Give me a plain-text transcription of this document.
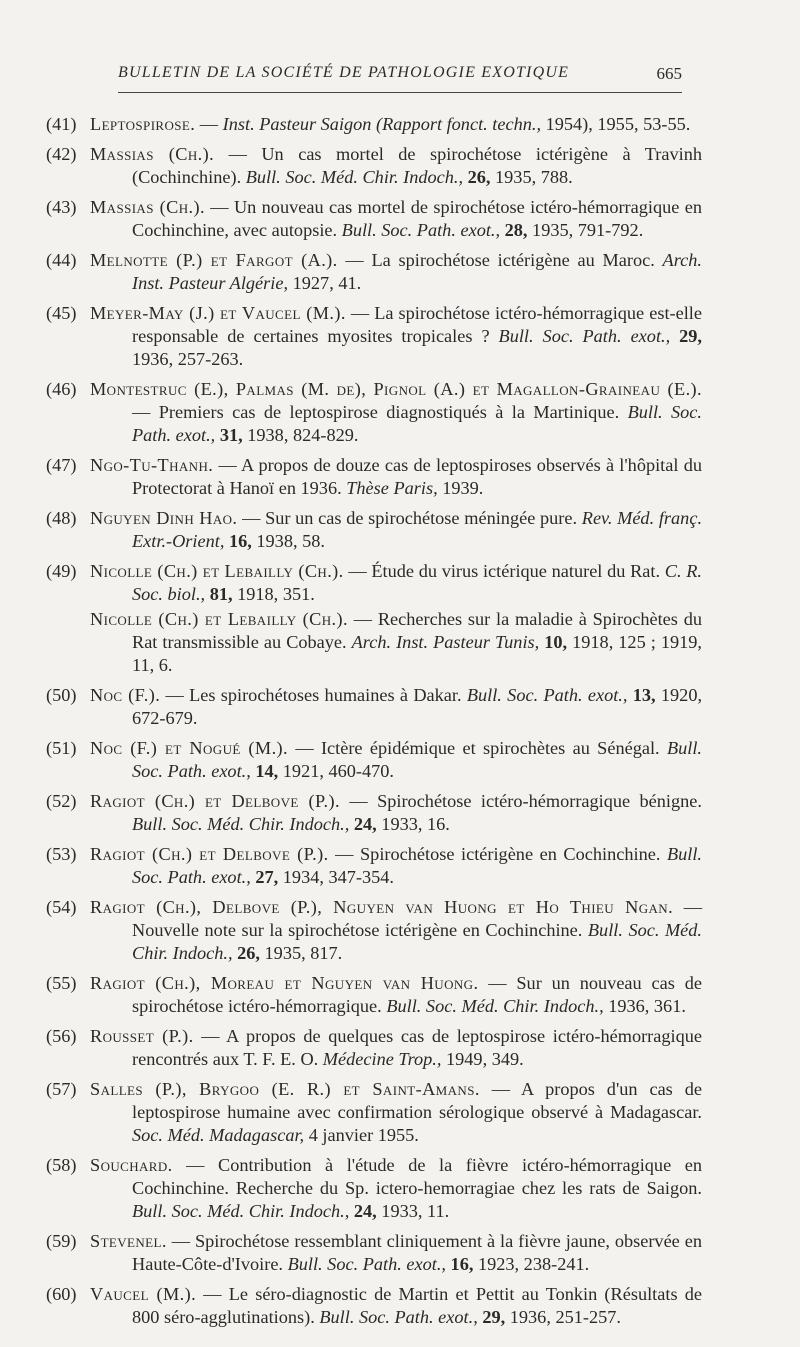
BULLETIN DE LA SOCIÉTÉ DE PATHOLOGIE EXOTIQUE	665
(41) Leptospirose. — Inst. Pasteur Saigon (Rapport fonct. techn., 1954), 1955, 53-55.
(42) Massias (Ch.). — Un cas mortel de spirochétose ictérigène à Travinh (Cochinchine). Bull. Soc. Méd. Chir. Indoch., 26, 1935, 788.
(43) Massias (Ch.). — Un nouveau cas mortel de spirochétose ictéro-hémorragique en Cochinchine, avec autopsie. Bull. Soc. Path. exot., 28, 1935, 791-792.
(44) Melnotte (P.) et Fargot (A.). — La spirochétose ictérigène au Maroc. Arch. Inst. Pasteur Algérie, 1927, 41.
(45) Meyer-May (J.) et Vaucel (M.). — La spirochétose ictéro-hémorragique est-elle responsable de certaines myosites tropicales ? Bull. Soc. Path. exot., 29, 1936, 257-263.
(46) Montestruc (E.), Palmas (M. de), Pignol (A.) et Magallon-Graineau (E.). — Premiers cas de leptospirose diagnostiqués à la Martinique. Bull. Soc. Path. exot., 31, 1938, 824-829.
(47) Ngo-Tu-Thanh. — A propos de douze cas de leptospiroses observés à l'hôpital du Protectorat à Hanoï en 1936. Thèse Paris, 1939.
(48) Nguyen Dinh Hao. — Sur un cas de spirochétose méningée pure. Rev. Méd. franç. Extr.-Orient, 16, 1938, 58.
(49) Nicolle (Ch.) et Lebailly (Ch.). — Étude du virus ictérique naturel du Rat. C. R. Soc. biol., 81, 1918, 351.
Nicolle (Ch.) et Lebailly (Ch.). — Recherches sur la maladie à Spirochètes du Rat transmissible au Cobaye. Arch. Inst. Pasteur Tunis, 10, 1918, 125 ; 1919, 11, 6.
(50) Noc (F.). — Les spirochétoses humaines à Dakar. Bull. Soc. Path. exot., 13, 1920, 672-679.
(51) Noc (F.) et Nogué (M.). — Ictère épidémique et spirochètes au Sénégal. Bull. Soc. Path. exot., 14, 1921, 460-470.
(52) Ragiot (Ch.) et Delbove (P.). — Spirochétose ictéro-hémorragique bénigne. Bull. Soc. Méd. Chir. Indoch., 24, 1933, 16.
(53) Ragiot (Ch.) et Delbove (P.). — Spirochétose ictérigène en Cochinchine. Bull. Soc. Path. exot., 27, 1934, 347-354.
(54) Ragiot (Ch.), Delbove (P.), Nguyen van Huong et Ho Thieu Ngan. — Nouvelle note sur la spirochétose ictérigène en Cochinchine. Bull. Soc. Méd. Chir. Indoch., 26, 1935, 817.
(55) Ragiot (Ch.), Moreau et Nguyen van Huong. — Sur un nouveau cas de spirochétose ictéro-hémorragique. Bull. Soc. Méd. Chir. Indoch., 1936, 361.
(56) Rousset (P.). — A propos de quelques cas de leptospirose ictéro-hémorragique rencontrés aux T. F. E. O. Médecine Trop., 1949, 349.
(57) Salles (P.), Brygoo (E. R.) et Saint-Amans. — A propos d'un cas de leptospirose humaine avec confirmation sérologique observé à Madagascar. Soc. Méd. Madagascar, 4 janvier 1955.
(58) Souchard. — Contribution à l'étude de la fièvre ictéro-hémorragique en Cochinchine. Recherche du Sp. ictero-hemorragiae chez les rats de Saigon. Bull. Soc. Méd. Chir. Indoch., 24, 1933, 11.
(59) Stevenel. — Spirochétose ressemblant cliniquement à la fièvre jaune, observée en Haute-Côte-d'Ivoire. Bull. Soc. Path. exot., 16, 1923, 238-241.
(60) Vaucel (M.). — Le séro-diagnostic de Martin et Pettit au Tonkin (Résultats de 800 séro-agglutinations). Bull. Soc. Path. exot., 29, 1936, 251-257.
